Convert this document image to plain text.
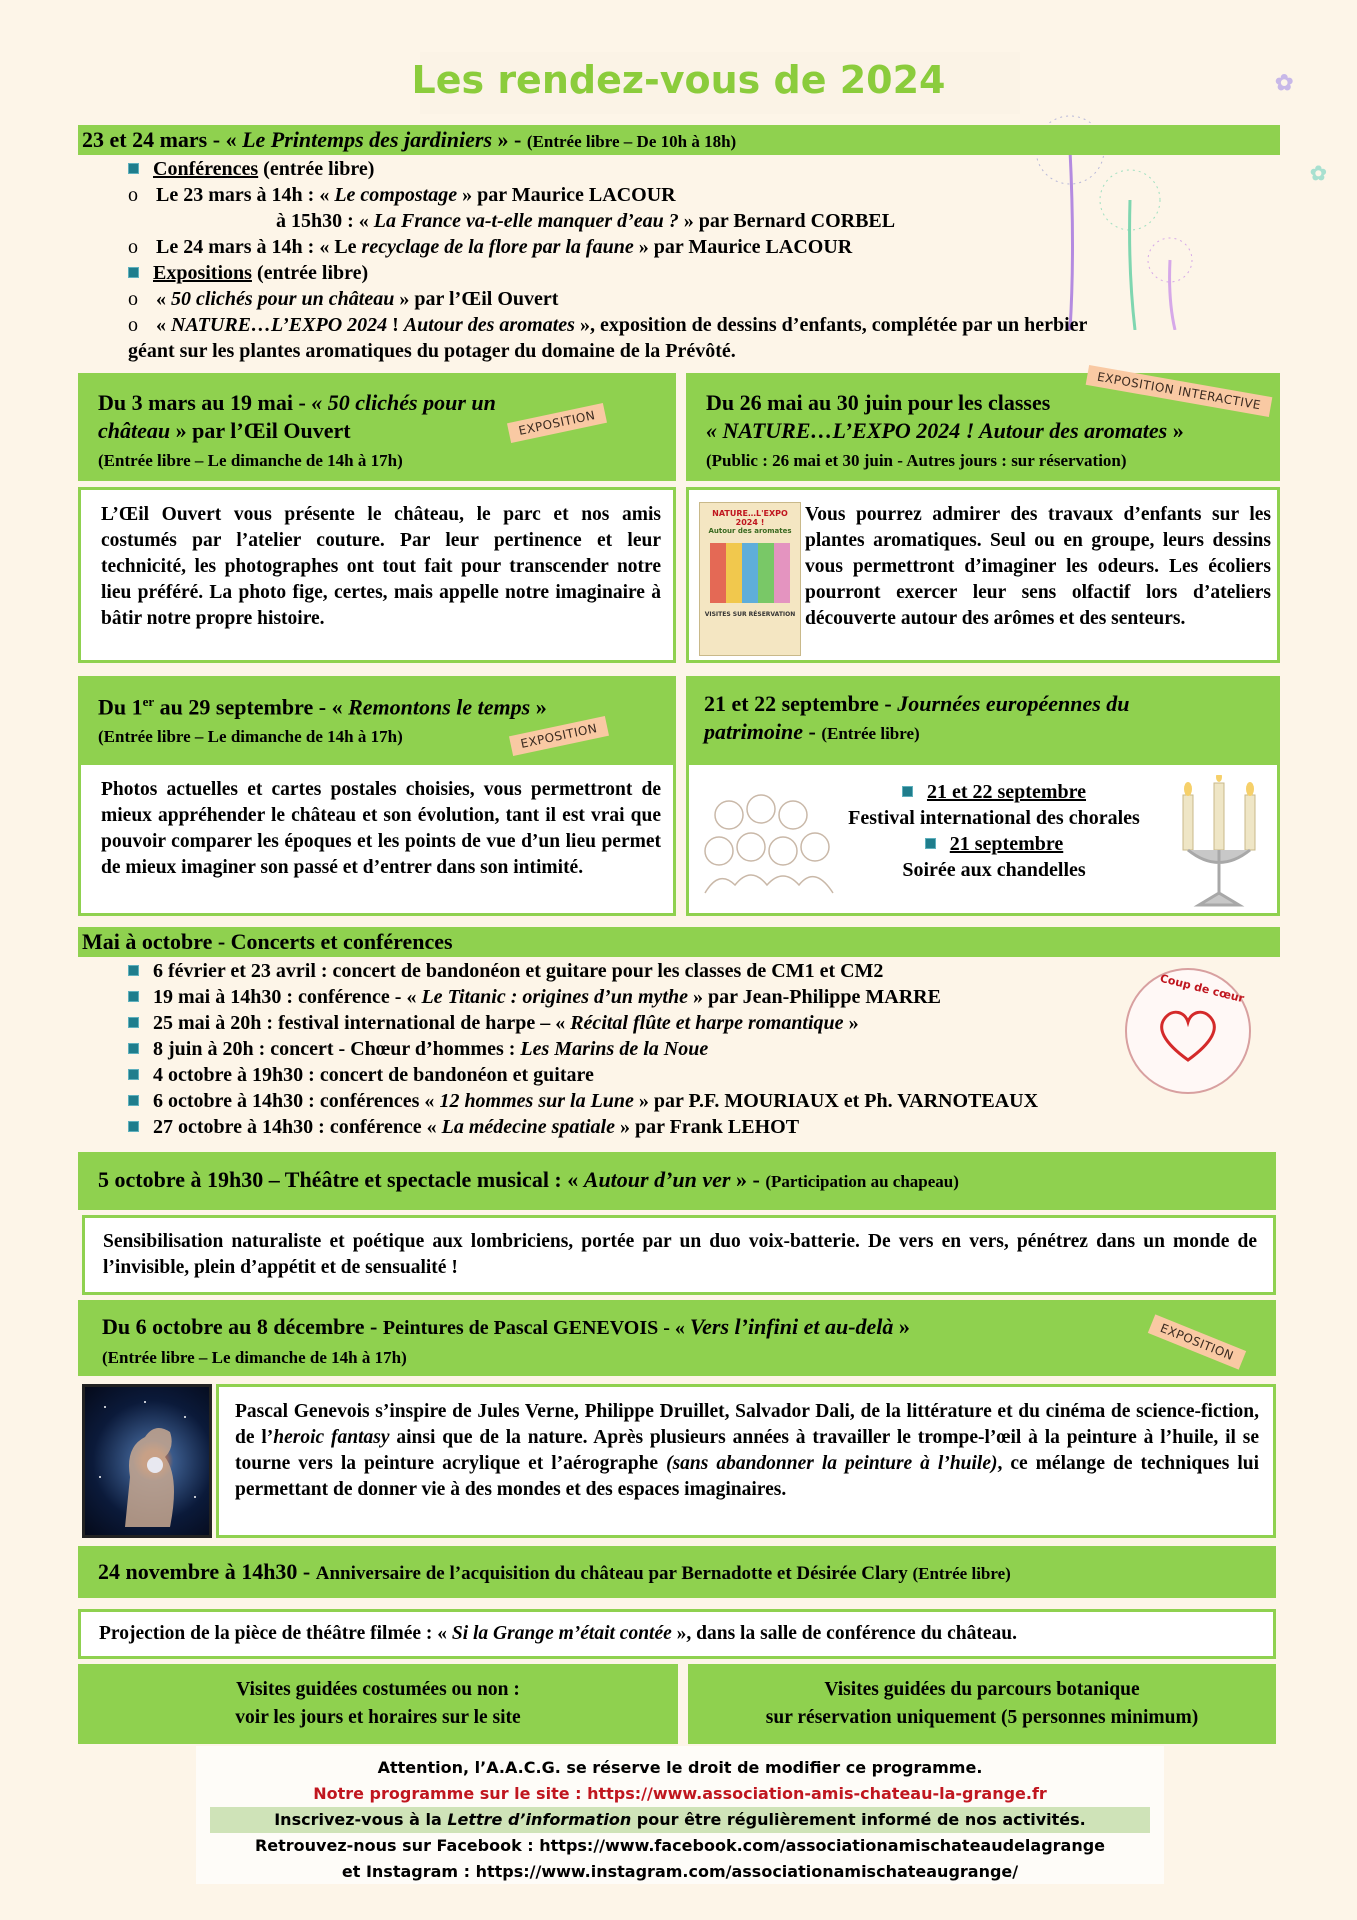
✿
✿
Les rendez-vous de 2024
23 et 24 mars - « Le Printemps des jardiniers » - (Entrée libre – De 10h à 18h)
Conférences (entrée libre)
o Le 23 mars à 14h : « Le compostage » par Maurice LACOUR
à 15h30 : « La France va-t-elle manquer d’eau ? » par Bernard CORBEL
o Le 24 mars à 14h : « Le recyclage de la flore par la faune » par Maurice LACOUR
Expositions (entrée libre)
o « 50 clichés pour un château » par l’Œil Ouvert
o « NATURE…L’EXPO 2024 ! Autour des aromates », exposition de dessins d’enfants, complétée par un herbier
géant sur les plantes aromatiques du potager du domaine de la Prévôté.
Du 3 mars au 19 mai - « 50 clichés pour un
château » par l’Œil Ouvert
(Entrée libre – Le dimanche de 14h à 17h)
EXPOSITION
Du 26 mai au 30 juin pour les classes
« NATURE…L’EXPO 2024 ! Autour des aromates »
(Public : 26 mai et 30 juin - Autres jours : sur réservation)
EXPOSITION INTERACTIVE
L’Œil Ouvert vous présente le château, le parc et nos amis costumés par l’atelier couture. Par leur pertinence et leur technicité, les photographes ont tout fait pour transcender notre lieu préféré. La photo fige, certes, mais appelle notre imaginaire à bâtir notre propre histoire.
NATURE…L'EXPO 2024 !
Autour des aromates
VISITES SUR RÉSERVATION
Vous pourrez admirer des travaux d’enfants sur les plantes aromatiques. Seul ou en groupe, leurs dessins vous permettront d’imaginer les odeurs. Les écoliers pourront exercer leur sens olfactif lors d’ateliers découverte autour des arômes et des senteurs.
Du 1er au 29 septembre - « Remontons le temps »
(Entrée libre – Le dimanche de 14h à 17h)	EXPOSITION
21 et 22 septembre - Journées européennes du
patrimoine - (Entrée libre)
Photos actuelles et cartes postales choisies, vous permettront de mieux appréhender le château et son évolution, tant il est vrai que pouvoir comparer les époques et les points de vue d’un lieu permet de mieux imaginer son passé et d’entrer dans son intimité.
21 et 22 septembre
Festival international des chorales
21 septembre
Soirée aux chandelles
Mai à octobre - Concerts et conférences
6 février et 23 avril : concert de bandonéon et guitare pour les classes de CM1 et CM2
19 mai à 14h30 : conférence - « Le Titanic : origines d’un mythe » par Jean-Philippe MARRE
25 mai à 20h : festival international de harpe – « Récital flûte et harpe romantique »
8 juin à 20h : concert - Chœur d’hommes : Les Marins de la Noue
4 octobre à 19h30 : concert de bandonéon et guitare
6 octobre à 14h30 : conférences « 12 hommes sur la Lune » par P.F. MOURIAUX et Ph. VARNOTEAUX
27 octobre à 14h30 : conférence « La médecine spatiale » par Frank LEHOT
Coup de cœur
5 octobre à 19h30 – Théâtre et spectacle musical : « Autour d’un ver » - (Participation au chapeau)
Sensibilisation naturaliste et poétique aux lombriciens, portée par un duo voix-batterie. De vers en vers, pénétrez dans un monde de l’invisible, plein d’appétit et de sensualité !
Du 6 octobre au 8 décembre - Peintures de Pascal GENEVOIS - « Vers l’infini et au-delà »
(Entrée libre – Le dimanche de 14h à 17h)	EXPOSITION
Pascal Genevois s’inspire de Jules Verne, Philippe Druillet, Salvador Dali, de la littérature et du cinéma de science-fiction, de l’heroic fantasy ainsi que de la nature. Après plusieurs années à travailler le trompe-l’œil à la peinture à l’huile, il se tourne vers la peinture acrylique et l’aérographe (sans abandonner la peinture à l’huile), ce mélange de techniques lui permettant de donner vie à des mondes et des espaces imaginaires.
24 novembre à 14h30 - Anniversaire de l’acquisition du château par Bernadotte et Désirée Clary (Entrée libre)
Projection de la pièce de théâtre filmée : « Si la Grange m’était contée », dans la salle de conférence du château.
Visites guidées costumées ou non :
voir les jours et horaires sur le site
Visites guidées du parcours botanique
sur réservation uniquement (5 personnes minimum)
Attention, l’A.A.C.G. se réserve le droit de modifier ce programme.
Notre programme sur le site : https://www.association-amis-chateau-la-grange.fr
Inscrivez-vous à la Lettre d’information pour être régulièrement informé de nos activités.
Retrouvez-nous sur Facebook : https://www.facebook.com/associationamischateaudelagrange
et Instagram : https://www.instagram.com/associationamischateaugrange/
